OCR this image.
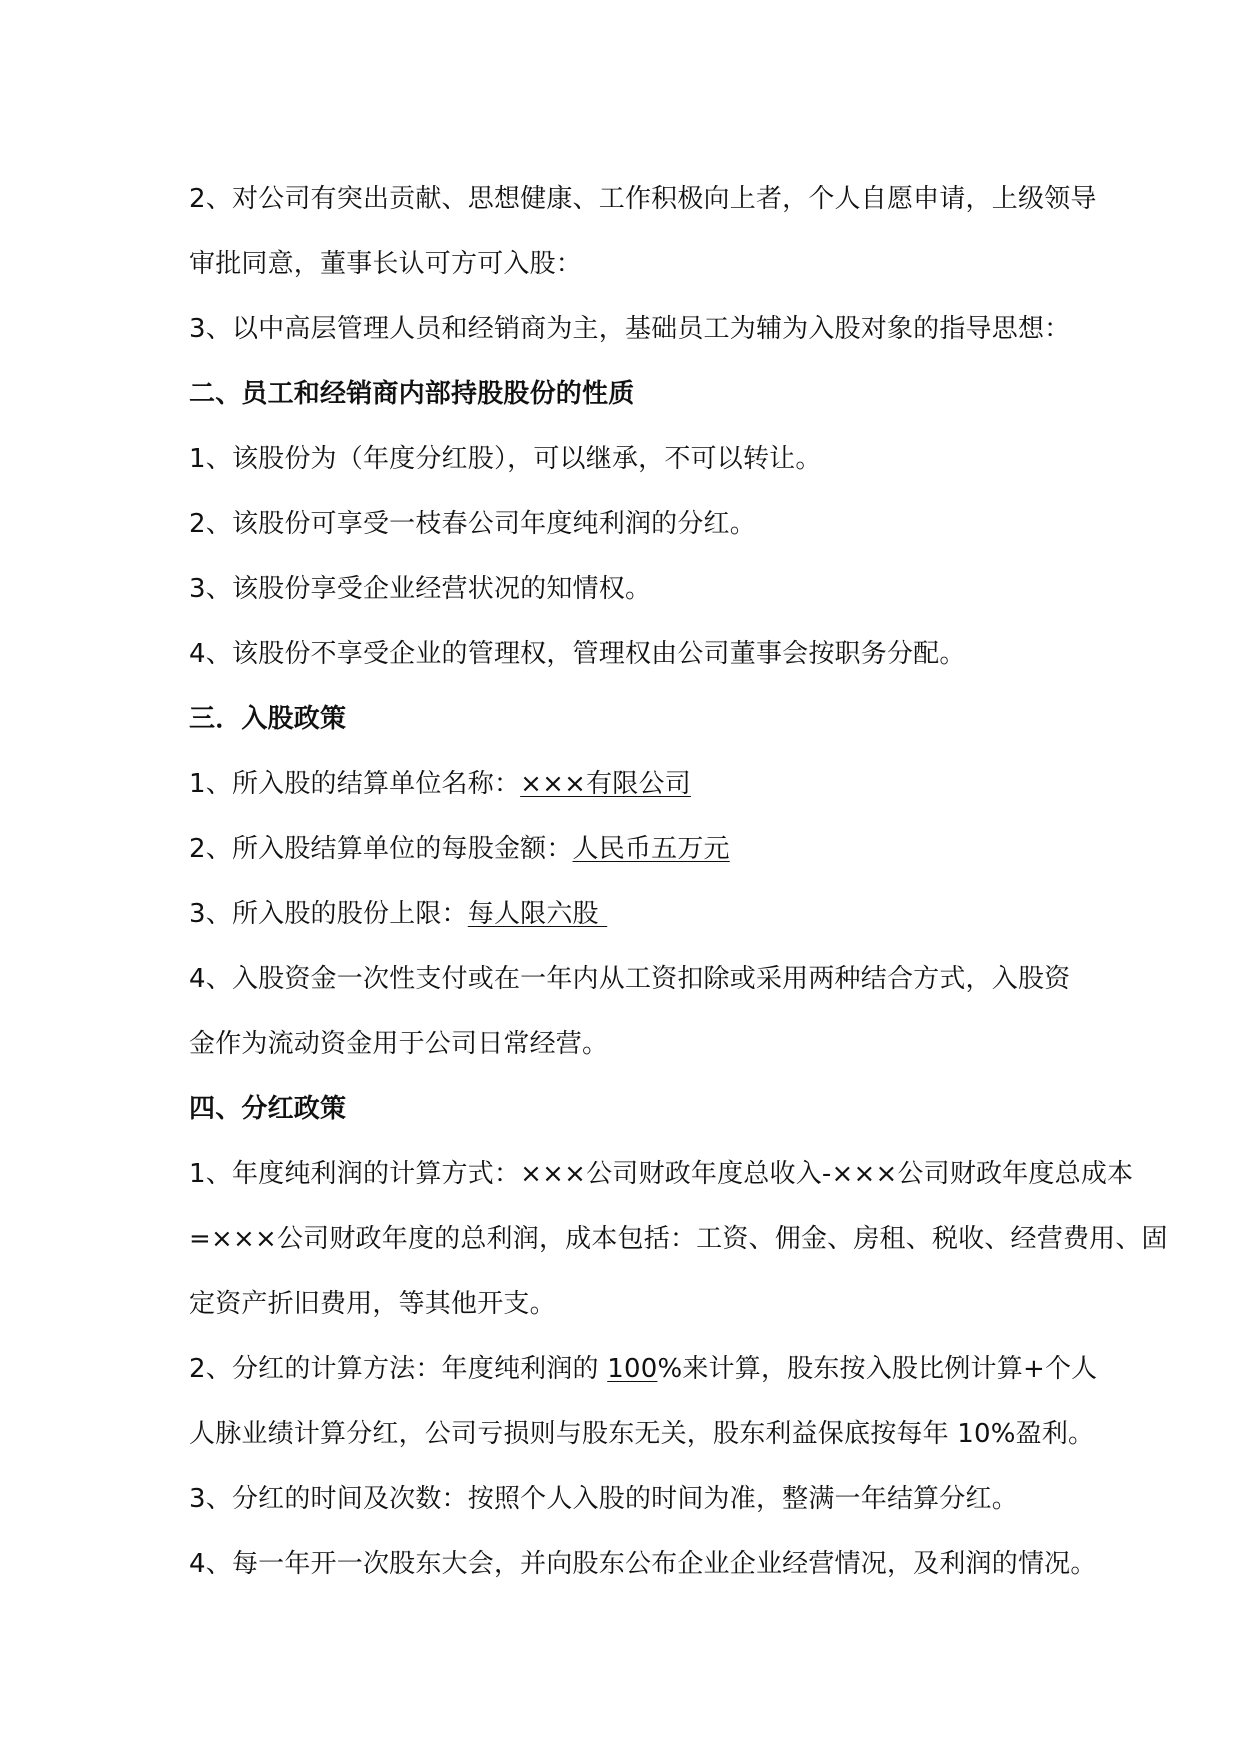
2、对公司有突出贡献、思想健康、工作积极向上者，个人自愿申请，上级领导
审批同意，董事长认可方可入股：
3、以中高层管理人员和经销商为主，基础员工为辅为入股对象的指导思想：
二、员工和经销商内部持股股份的性质
1、该股份为（年度分红股），可以继承，不可以转让。
2、该股份可享受一枝春公司年度纯利润的分红。
3、该股份享受企业经营状况的知情权。
4、该股份不享受企业的管理权，管理权由公司董事会按职务分配。
三．入股政策
1、所入股的结算单位名称：×××有限公司
2、所入股结算单位的每股金额：人民币五万元
3、所入股的股份上限：每人限六股
4、入股资金一次性支付或在一年内从工资扣除或采用两种结合方式，入股资
金作为流动资金用于公司日常经营。
四、分红政策
1、年度纯利润的计算方式：×××公司财政年度总收入-×××公司财政年度总成本
=×××公司财政年度的总利润，成本包括：工资、佣金、房租、税收、经营费用、固
定资产折旧费用，等其他开支。
2、分红的计算方法：年度纯利润的 100%来计算，股东按入股比例计算+个人
人脉业绩计算分红，公司亏损则与股东无关，股东利益保底按每年 10%盈利。
3、分红的时间及次数：按照个人入股的时间为准，整满一年结算分红。
4、每一年开一次股东大会，并向股东公布企业企业经营情况，及利润的情况。
